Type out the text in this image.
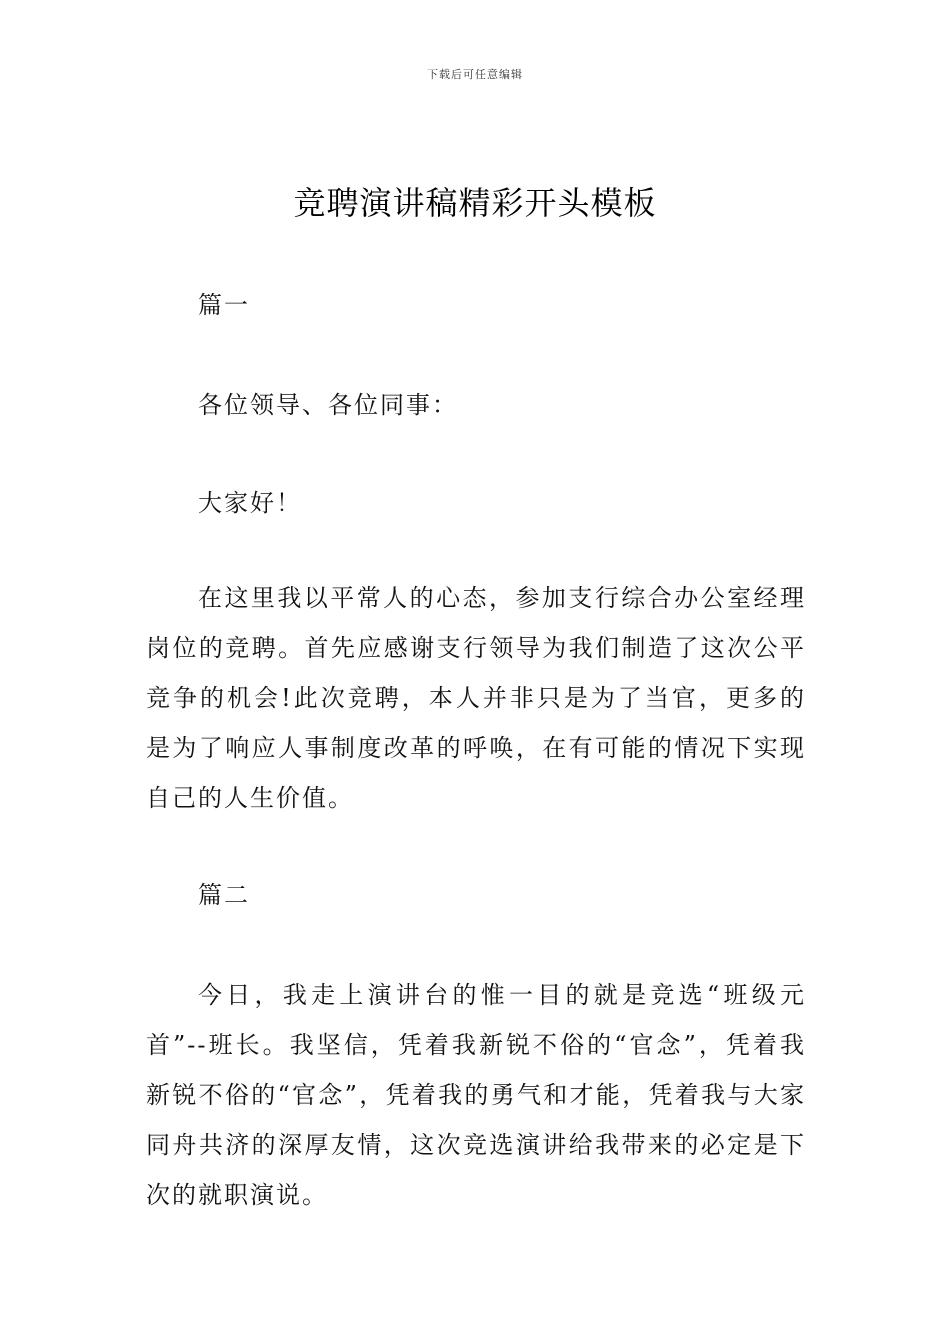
下载后可任意编辑
竞聘演讲稿精彩开头模板

篇一

各位领导、各位同事：

大家好！

在这里我以平常人的心态，参加支行综合办公室经理岗位的竞聘。首先应感谢支行领导为我们制造了这次公平竞争的机会!此次竞聘，本人并非只是为了当官，更多的是为了响应人事制度改革的呼唤，在有可能的情况下实现自己的人生价值。

篇二

今日，我走上演讲台的惟一目的就是竞选“班级元首”--班长。我坚信，凭着我新锐不俗的“官念”，凭着我新锐不俗的“官念”，凭着我的勇气和才能，凭着我与大家同舟共济的深厚友情，这次竞选演讲给我带来的必定是下次的就职演说。
